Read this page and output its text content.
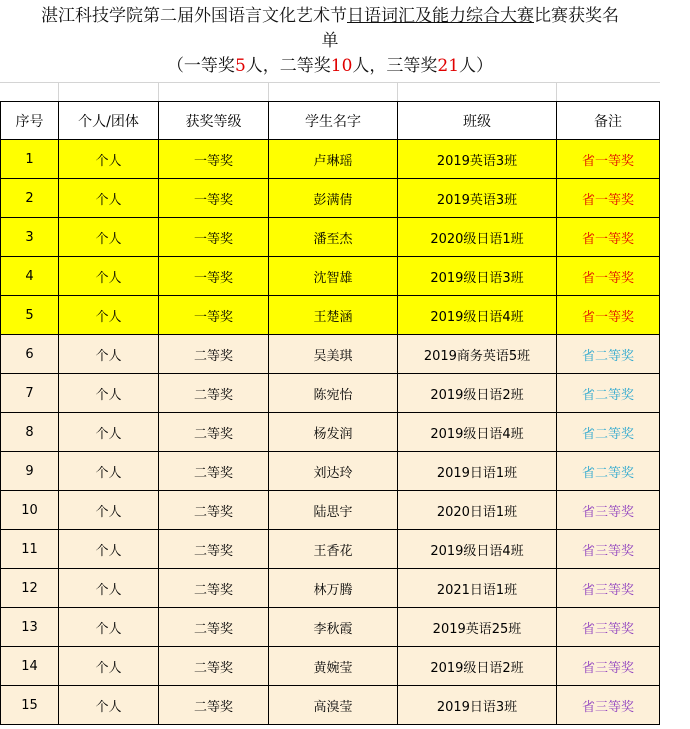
湛江科技学院第二届外国语言文化艺术节日语词汇及能力综合大赛比赛获奖名
单
（一等奖5人，二等奖10人，三等奖21人）
序号	个人/团体	获奖等级	学生名字	班级	备注
1	个人	一等奖	卢琳瑶	2019英语3班	省一等奖
2	个人	一等奖	彭满倩	2019英语3班	省一等奖
3	个人	一等奖	潘至杰	2020级日语1班	省一等奖
4	个人	一等奖	沈智雄	2019级日语3班	省一等奖
5	个人	一等奖	王楚涵	2019级日语4班	省一等奖
6	个人	二等奖	吴美琪	2019商务英语5班	省二等奖
7	个人	二等奖	陈宛怡	2019级日语2班	省二等奖
8	个人	二等奖	杨发润	2019级日语4班	省二等奖
9	个人	二等奖	刘达玲	2019日语1班	省二等奖
10	个人	二等奖	陆思宇	2020日语1班	省三等奖
11	个人	二等奖	王香花	2019级日语4班	省三等奖
12	个人	二等奖	林万腾	2021日语1班	省三等奖
13	个人	二等奖	李秋霞	2019英语25班	省三等奖
14	个人	二等奖	黄婉莹	2019级日语2班	省三等奖
15	个人	二等奖	高溴莹	2019日语3班	省三等奖
